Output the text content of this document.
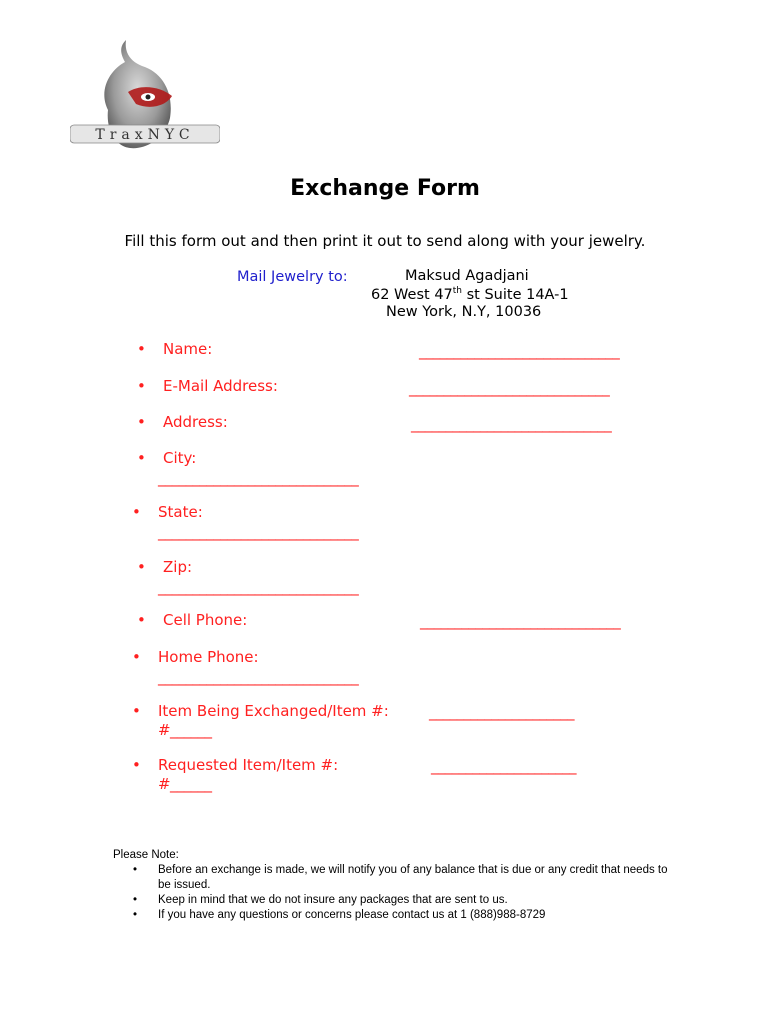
TraxNYC
Exchange Form
Fill this form out and then print it out to send along with your jewelry.
Mail Jewelry to:	Maksud Agadjani
62 West 47th st Suite 14A-1
New York, N.Y, 10036
• Name:	_____________________________
• E-Mail Address:	_____________________________
• Address:	_____________________________
• City:
_____________________________
• State:
_____________________________
• Zip:
_____________________________
• Cell Phone:	_____________________________
• Home Phone:
_____________________________
• Item Being Exchanged/Item #:
#______
_____________________
• Requested Item/Item #:
#______
_____________________
Please Note:
• Before an exchange is made, we will notify you of any balance that is due or any credit that needs to be issued.
• Keep in mind that we do not insure any packages that are sent to us.
• If you have any questions or concerns please contact us at 1 (888)988-8729
